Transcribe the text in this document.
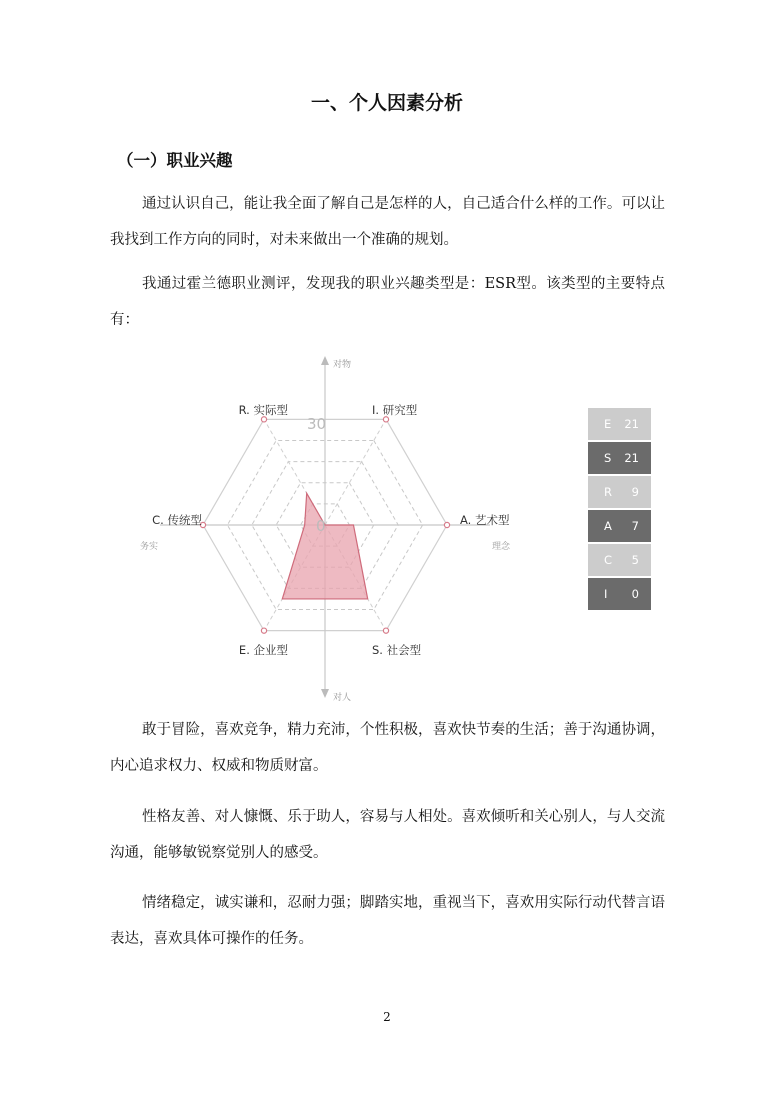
一、个人因素分析
（一）职业兴趣

通过认识自己，能让我全面了解自己是怎样的人，自己适合什么样的工作。可以让我找到工作方向的同时，对未来做出一个准确的规划。

我通过霍兰德职业测评，发现我的职业兴趣类型是：ESR型。该类型的主要特点有：

30
0
I. 研究型
A. 艺术型
S. 社会型
E. 企业型
C. 传统型
R. 实际型
对物
对人
务实	理念
E 21
S 21
R 9
A 7
C 5
I 0

敢于冒险，喜欢竞争，精力充沛，个性积极，喜欢快节奏的生活；善于沟通协调，内心追求权力、权威和物质财富。

性格友善、对人慷慨、乐于助人，容易与人相处。喜欢倾听和关心别人，与人交流沟通，能够敏锐察觉别人的感受。

情绪稳定，诚实谦和，忍耐力强；脚踏实地，重视当下，喜欢用实际行动代替言语表达，喜欢具体可操作的任务。

2
